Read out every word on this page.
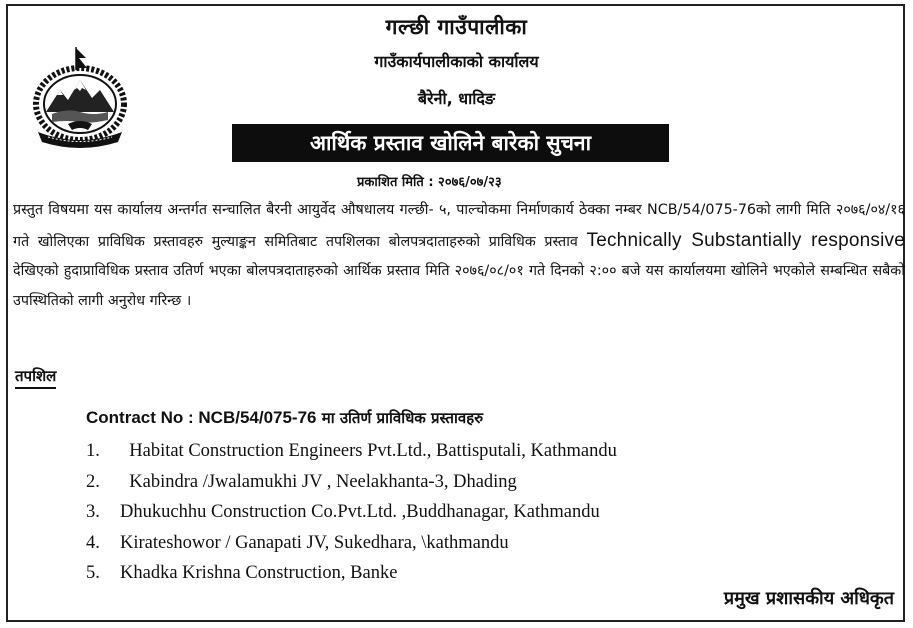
गल्छी गाउँपालीका
गाउँकार्यपालीकाको कार्यालय
बैरेनी, धादिङ
आर्थिक प्रस्ताव खोलिने बारेको सुचना
प्रकाशित मिति : २०७६/०७/२३
प्रस्तुत विषयमा यस कार्यालय अन्तर्गत सन्चालित बैरनी आयुर्वेद औषधालय गल्छी- ५, पाल्चोकमा निर्माणकार्य ठेक्का नम्बर NCB/54/075-76को लागी मिति २०७६/०४/१६ गते खोलिएका प्राविधिक प्रस्तावहरु मुल्याङ्कन समितिबाट तपशिलका बोलपत्रदाताहरुको प्राविधिक प्रस्ताव Technically Substantially responsive देखिएको हुदाप्राविधिक प्रस्ताव उतिर्ण भएका बोलपत्रदाताहरुको आर्थिक प्रस्ताव मिति २०७६/०८/०१ गते दिनको २:०० बजे यस कार्यालयमा खोलिने भएकोले सम्बन्धित सबैको उपस्थितिको लागी अनुरोध गरिन्छ ।
तपशिल
Contract No : NCB/54/075-76 मा उतिर्ण प्राविधिक प्रस्तावहरु
1.  Habitat Construction Engineers Pvt.Ltd., Battisputali, Kathmandu
2.  Kabindra /Jwalamukhi JV , Neelakhanta-3, Dhading
3. Dhukuchhu Construction Co.Pvt.Ltd. ,Buddhanagar, Kathmandu
4. Kirateshowor / Ganapati JV, Sukedhara, \kathmandu
5. Khadka Krishna Construction, Banke
प्रमुख प्रशासकीय अधिकृत
